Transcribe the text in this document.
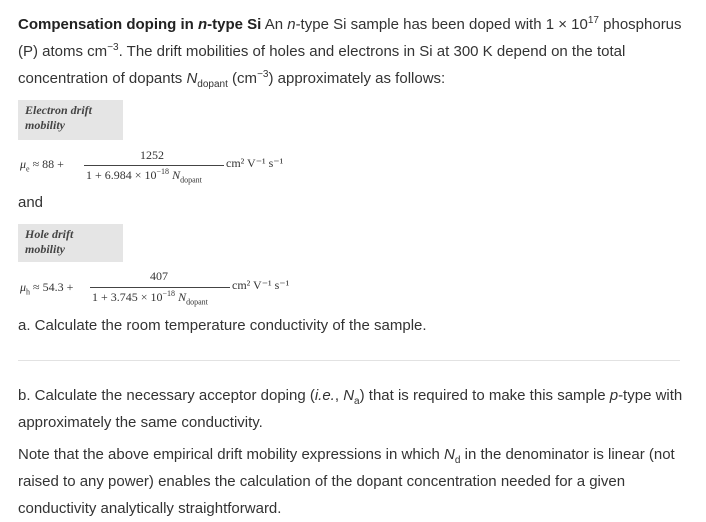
Compensation doping in n-type Si An n-type Si sample has been doped with $1 \times 10^{17}$ phosphorus (P) atoms $cm^{-3}$. The drift mobilities of holes and electrons in Si at 300 K depend on the total concentration of dopants $N_{dopant}$ $(cm^{-3})$ approximately as follows:

Electron drift
mobility
$\mu_e \approx 88$ +
1252
$1 + 6.984 \times 10^{-18}$ $N_{dopant}$
cm² V⁻¹ s⁻¹
and
Hole drift
mobility
$\mu_h \approx 54.3$ +
407
$1 + 3.745 \times 10^{-18}$ $N_{dopant}$
cm² V⁻¹ s⁻¹

a. Calculate the room temperature conductivity of the sample.

b. Calculate the necessary acceptor doping (i.e., $N_a$) that is required to make this sample p-type with approximately the same conductivity.

Note that the above empirical drift mobility expressions in which $N_d$ in the denominator is linear (not raised to any power) enables the calculation of the dopant concentration needed for a given conductivity analytically straightforward.
